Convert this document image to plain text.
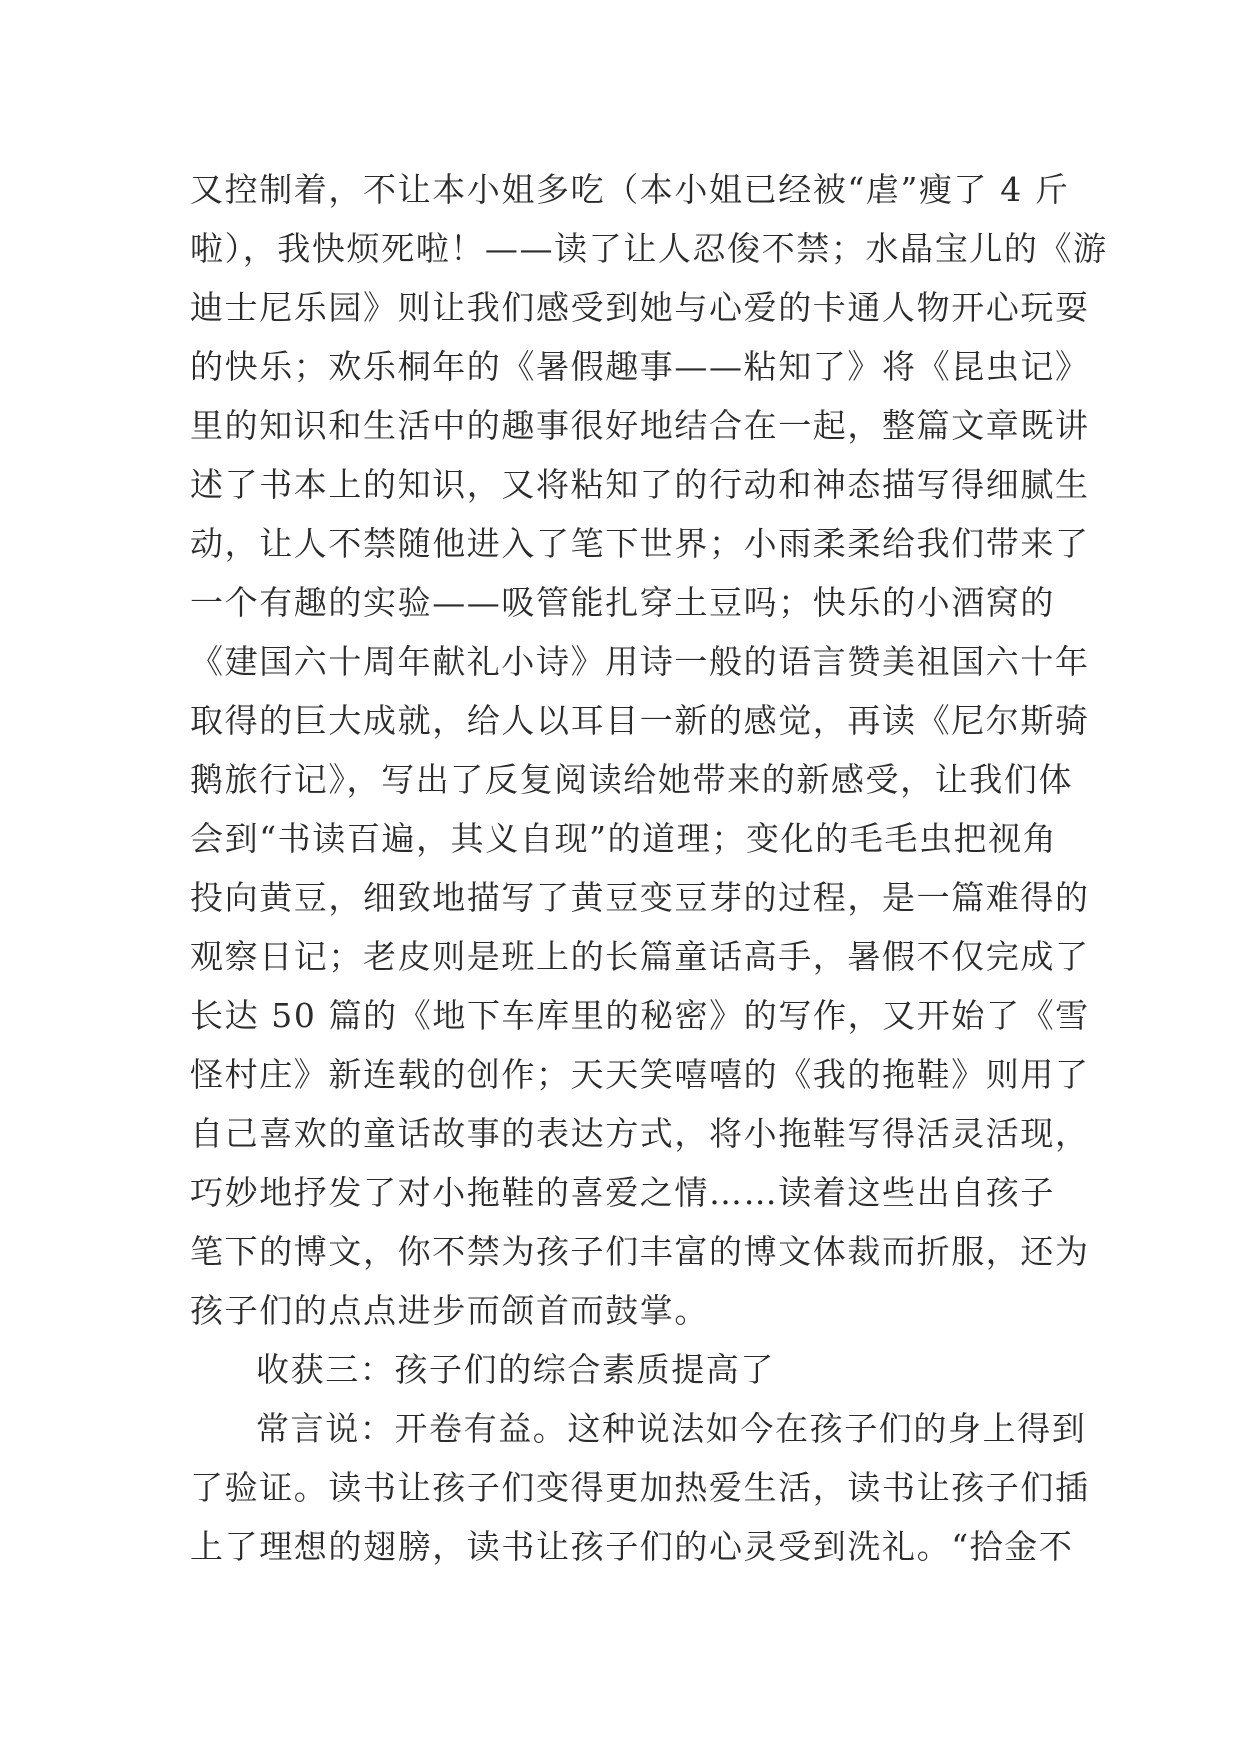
又控制着，不让本小姐多吃（本小姐已经被“虐”瘦了 4 斤
啦），我快烦死啦！——读了让人忍俊不禁；水晶宝儿的《游
迪士尼乐园》则让我们感受到她与心爱的卡通人物开心玩耍
的快乐；欢乐桐年的《暑假趣事——粘知了》将《昆虫记》
里的知识和生活中的趣事很好地结合在一起，整篇文章既讲
述了书本上的知识，又将粘知了的行动和神态描写得细腻生
动，让人不禁随他进入了笔下世界；小雨柔柔给我们带来了
一个有趣的实验——吸管能扎穿土豆吗；快乐的小酒窝的
《建国六十周年献礼小诗》用诗一般的语言赞美祖国六十年
取得的巨大成就，给人以耳目一新的感觉，再读《尼尔斯骑
鹅旅行记》，写出了反复阅读给她带来的新感受，让我们体
会到“书读百遍，其义自现”的道理；变化的毛毛虫把视角
投向黄豆，细致地描写了黄豆变豆芽的过程，是一篇难得的
观察日记；老皮则是班上的长篇童话高手，暑假不仅完成了
长达 50 篇的《地下车库里的秘密》的写作，又开始了《雪
怪村庄》新连载的创作；天天笑嘻嘻的《我的拖鞋》则用了
自己喜欢的童话故事的表达方式，将小拖鞋写得活灵活现，
巧妙地抒发了对小拖鞋的喜爱之情……读着这些出自孩子
笔下的博文，你不禁为孩子们丰富的博文体裁而折服，还为
孩子们的点点进步而颌首而鼓掌。
收获三：孩子们的综合素质提高了
常言说：开卷有益。这种说法如今在孩子们的身上得到
了验证。读书让孩子们变得更加热爱生活，读书让孩子们插
上了理想的翅膀，读书让孩子们的心灵受到洗礼。“拾金不
